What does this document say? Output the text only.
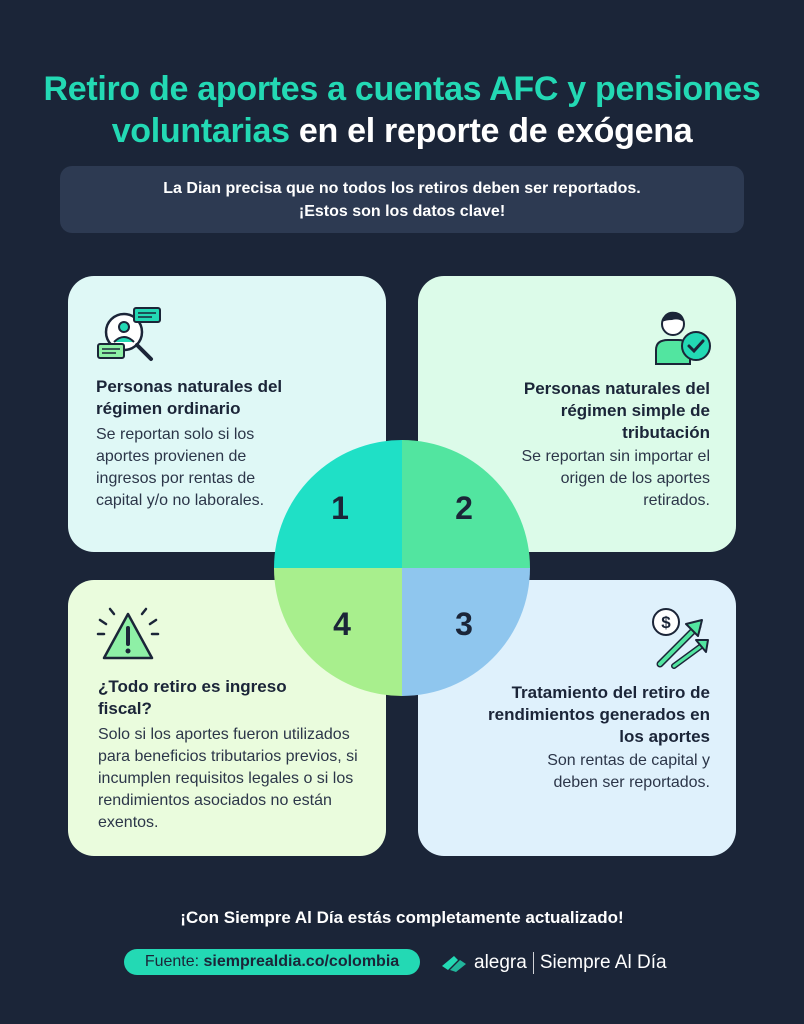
Retiro de aportes a cuentas AFC y pensiones
voluntarias en el reporte de exógena
La Dian precisa que no todos los retiros deben ser reportados.
¡Estos son los datos clave!
1	2
3
4
Personas naturales del régimen ordinario
Se reportan solo si los aportes provienen de ingresos por rentas de capital y/o no laborales.
Personas naturales del régimen simple de tributación
Se reportan sin importar el origen de los aportes retirados.
¿Todo retiro es ingreso fiscal?
Solo si los aportes fueron utilizados para beneficios tributarios previos, si incumplen requisitos legales o si los rendimientos asociados no están exentos.
$
Tratamiento del retiro de rendimientos generados en los aportes
Son rentas de capital y deben ser reportados.
¡Con Siempre Al Día estás completamente actualizado!
Fuente: siemprealdia.co/colombia	alegra Siempre Al Día
